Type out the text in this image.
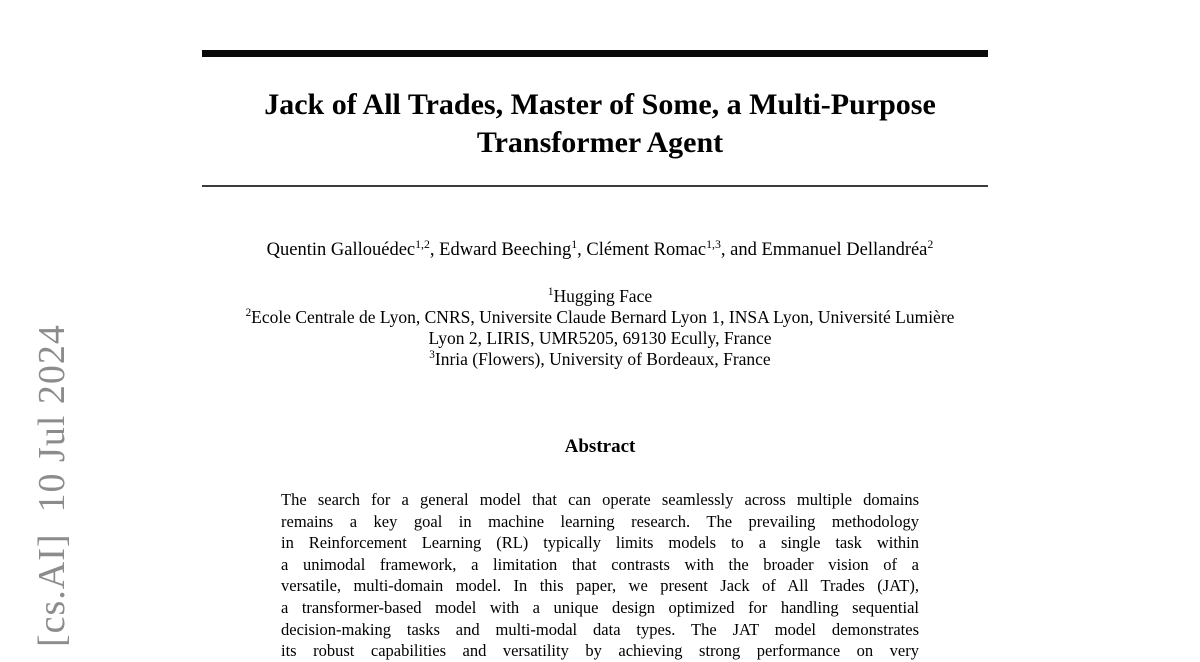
[cs.AI]  10 Jul 2024
Jack of All Trades, Master of Some, a Multi-Purpose
Transformer Agent
Quentin Gallouédec$^{1,2}$, Edward Beeching$^1$, Clément Romac$^{1,3}$, and Emmanuel Dellandréa$^2$
$^1$Hugging Face
$^2$Ecole Centrale de Lyon, CNRS, Universite Claude Bernard Lyon 1, INSA Lyon, Université Lumière
Lyon 2, LIRIS, UMR5205, 69130 Ecully, France
$^3$Inria (Flowers), University of Bordeaux, France
Abstract
The search for a general model that can operate seamlessly across multiple domains
remains a key goal in machine learning research. The prevailing methodology
in Reinforcement Learning (RL) typically limits models to a single task within
a unimodal framework, a limitation that contrasts with the broader vision of a
versatile, multi-domain model. In this paper, we present Jack of All Trades (JAT),
a transformer-based model with a unique design optimized for handling sequential
decision-making tasks and multi-modal data types. The JAT model demonstrates
its robust capabilities and versatility by achieving strong performance on very
